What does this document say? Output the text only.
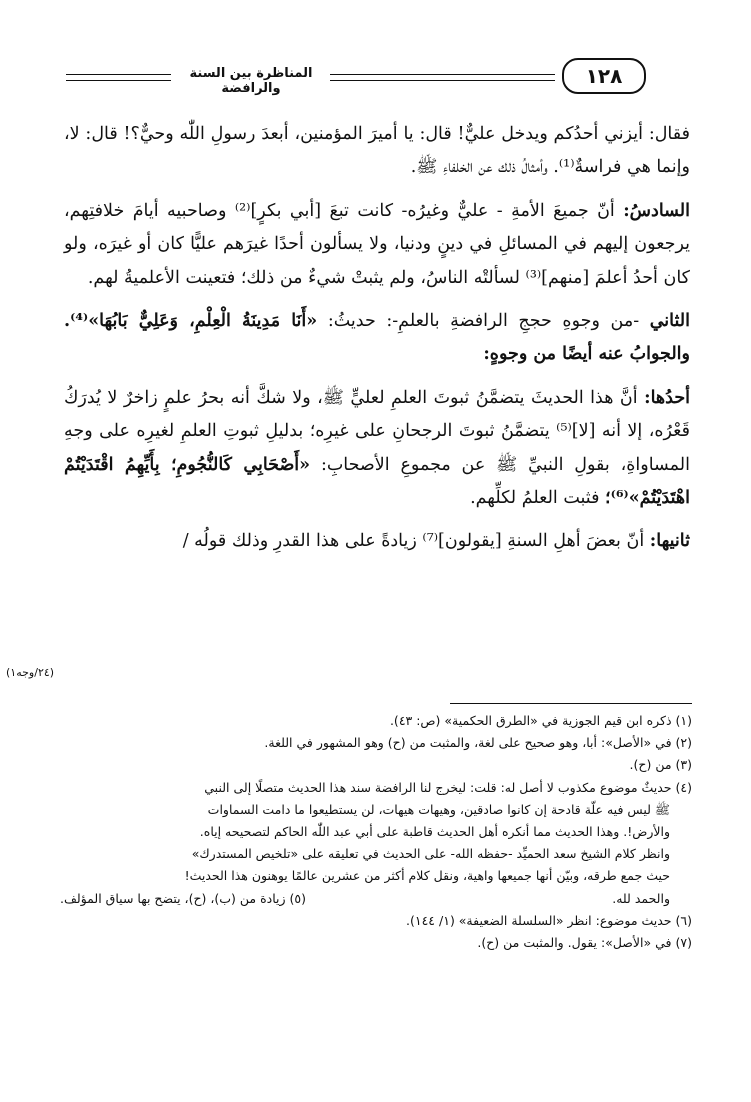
المناظرة بين السنة والرافضة
١٢٨

فقال: أيزني أحدُكم ويدخل عليٌّ! قال: يا أميرَ المؤمنين، أبعدَ رسولِ اللّٰه وحيٌّ؟! قال: لا، وإنما هي فراسةٌ⁽¹⁾. وأمثالُ ذلك عن الخلفاءِ ﷺ.

السادسُ: أنّ جميعَ الأمةِ - عليٌّ وغيرُه- كانت تبعَ [أبي بكرٍ]⁽²⁾ وصاحبيه أيامَ خلافتِهم، يرجعون إليهم في المسائلِ في دينٍ ودنيا، ولا يسألون أحدًا غيرَهم عليًّا كان أو غيرَه، ولو كان أحدُ أعلمَ [منهم]⁽³⁾ لسألتْه الناسُ، ولم يثبتْ شيءٌ من ذلك؛ فتعينت الأعلميةُ لهم.

الثاني -من وجوهِ حججِ الرافضةِ بالعلمِ-: حديثُ: «أَنَا مَدِينَةُ الْعِلْمِ، وَعَلِيٌّ بَابُهَا»⁽⁴⁾. والجوابُ عنه أيضًا من وجوهٍ:

أحدُها: أنَّ هذا الحديثَ يتضمَّنُ ثبوتَ العلمِ لعليٍّ ﷺ، ولا شكَّ أنه بحرُ علمٍ زاخرٌ لا يُدرَكُ قَعْرُه، إلا أنه [لا]⁽⁵⁾ يتضمَّنُ ثبوتَ الرجحانِ على غيرِه؛ بدليلِ ثبوتِ العلمِ لغيرِه على وجهِ المساواةِ، بقولِ النبيِّ ﷺ عن مجموعِ الأصحابِ: «أَصْحَابِي كَالنُّجُومِ؛ بِأَيِّهِمُ اقْتَدَيْتُمْ اهْتَدَيْتُمْ»⁽⁶⁾؛ فثبت العلمُ لكلِّهم.

ثانيها: أنّ بعضَ أهلِ السنةِ [يقولون]⁽⁷⁾ زيادةً على هذا القدرِ وذلك قولُه /

(٢٤/وجه١)

(١) ذكره ابن قيم الجوزية في «الطرق الحكمية» (ص: ٤٣).

(٢) في «الأصل»: أبا، وهو صحيح على لغة، والمثبت من (ح) وهو المشهور في اللغة.

(٣) من (ح).

(٤) حديثٌ موضوع مكذوب لا أصل له: قلت: ليخرج لنا الرافضة سند هذا الحديث متصلًا إلى النبي

ﷺ ليس فيه علّة قادحة إن كانوا صادقين، وهيهات هيهات، لن يستطيعوا ما دامت السماوات

والأرض!. وهذا الحديث مما أنكره أهل الحديث قاطبة على أبي عبد اللّٰه الحاكم لتصحيحه إياه.

وانظر كلام الشيخ سعد الحميِّد -حفظه الله- على الحديث في تعليقه على «تلخيص المستدرك»

حيث جمع طرقه، وبيّن أنها جميعها واهية، ونقل كلام أكثر من عشرين عالمًا يوهنون هذا الحديث!

والحمد لله.
(٥) زيادة من (ب)، (ح)، يتضح بها سياق المؤلف.

(٦) حديث موضوع: انظر «السلسلة الضعيفة» (١/ ١٤٤).

(٧) في «الأصل»: يقول. والمثبت من (ح).
